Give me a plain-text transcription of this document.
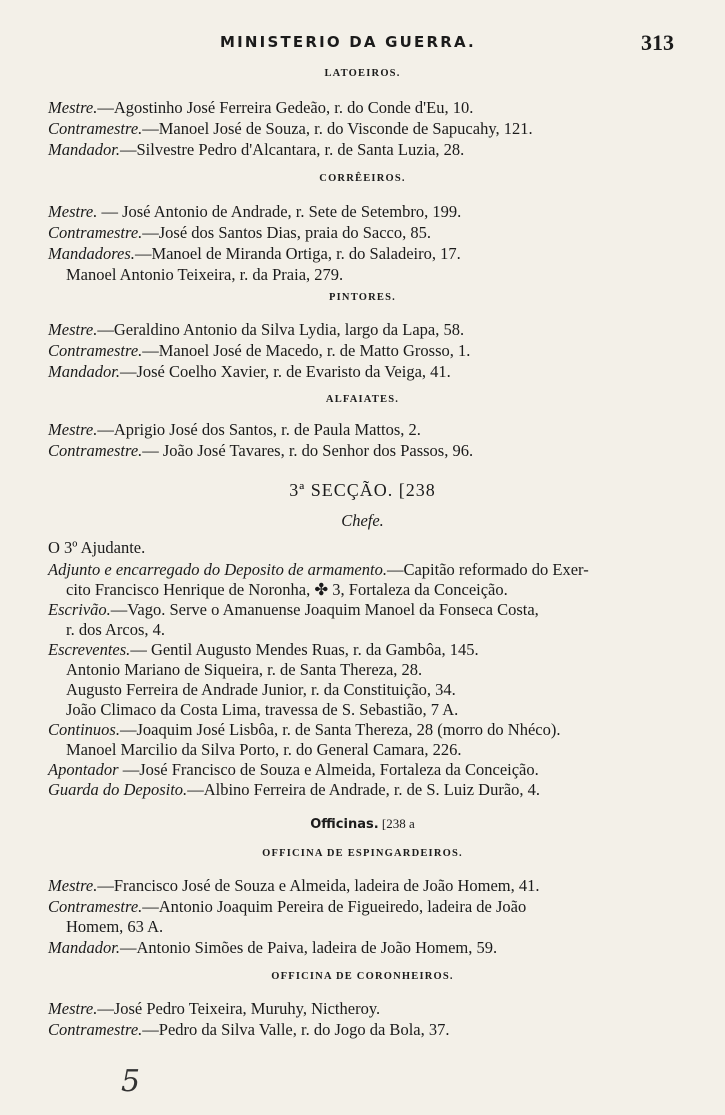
MINISTERIO DA GUERRA.	313
LATOEIROS.
Mestre.—Agostinho José Ferreira Gedeão, r. do Conde d'Eu, 10.
Contramestre.—Manoel José de Souza, r. do Visconde de Sapucahy, 121.
Mandador.—Silvestre Pedro d'Alcantara, r. de Santa Luzia, 28.
CORRÊEIROS.
Mestre. — José Antonio de Andrade, r. Sete de Setembro, 199.
Contramestre.—José dos Santos Dias, praia do Sacco, 85.
Mandadores.—Manoel de Miranda Ortiga, r. do Saladeiro, 17.
Manoel Antonio Teixeira, r. da Praia, 279.
PINTORES.
Mestre.—Geraldino Antonio da Silva Lydia, largo da Lapa, 58.
Contramestre.—Manoel José de Macedo, r. de Matto Grosso, 1.
Mandador.—José Coelho Xavier, r. de Evaristo da Veiga, 41.
ALFAIATES.
Mestre.—Aprigio José dos Santos, r. de Paula Mattos, 2.
Contramestre.— João José Tavares, r. do Senhor dos Passos, 96.
3ª SECÇÃO. [238
Chefe.
O 3º Ajudante.
Adjunto e encarregado do Deposito de armamento.—Capitão reformado do Exer-
cito Francisco Henrique de Noronha, ✤ 3, Fortaleza da Conceição.
Escrivão.—Vago. Serve o Amanuense Joaquim Manoel da Fonseca Costa,
r. dos Arcos, 4.
Escreventes.— Gentil Augusto Mendes Ruas, r. da Gambôa, 145.
Antonio Mariano de Siqueira, r. de Santa Thereza, 28.
Augusto Ferreira de Andrade Junior, r. da Constituição, 34.
João Climaco da Costa Lima, travessa de S. Sebastião, 7 A.
Continuos.—Joaquim José Lisbôa, r. de Santa Thereza, 28 (morro do Nhéco).
Manoel Marcilio da Silva Porto, r. do General Camara, 226.
Apontador —José Francisco de Souza e Almeida, Fortaleza da Conceição.
Guarda do Deposito.—Albino Ferreira de Andrade, r. de S. Luiz Durão, 4.
Officinas. [238 a
OFFICINA DE ESPINGARDEIROS.
Mestre.—Francisco José de Souza e Almeida, ladeira de João Homem, 41.
Contramestre.—Antonio Joaquim Pereira de Figueiredo, ladeira de João
Homem, 63 A.
Mandador.—Antonio Simões de Paiva, ladeira de João Homem, 59.
OFFICINA DE CORONHEIROS.
Mestre.—José Pedro Teixeira, Muruhy, Nictheroy.
Contramestre.—Pedro da Silva Valle, r. do Jogo da Bola, 37.
5
